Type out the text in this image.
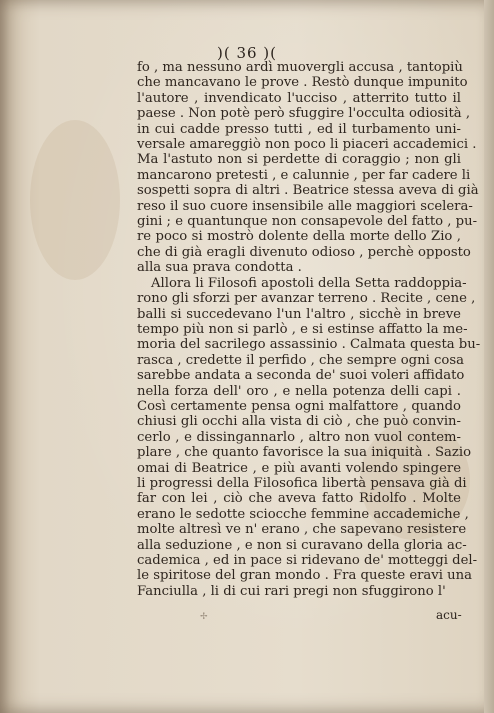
)( 36 )(
fo , ma nessuno ardì muovergli accusa , tantopiù
che mancavano le prove . Restò dunque impunito
l'autore , invendicato l'ucciso , atterrito tutto il
paese . Non potè però sfuggire l'occulta odiosità ,
in cui cadde presso tutti , ed il turbamento uni-
versale amareggiò non poco li piaceri accademici .
Ma l'astuto non si perdette di coraggio ; non gli
mancarono pretesti , e calunnie , per far cadere li
sospetti sopra di altri . Beatrice stessa aveva di già
reso il suo cuore insensibile alle maggiori scelera-
gini ; e quantunque non consapevole del fatto , pu-
re poco si mostrò dolente della morte dello Zio ,
che di già eragli divenuto odioso , perchè opposto
alla sua prava condotta .
Allora li Filosofi apostoli della Setta raddoppia-
rono gli sforzi per avanzar terreno . Recite , cene ,
balli si succedevano l'un l'altro , sicchè in breve
tempo più non si parlò , e si estinse affatto la me-
moria del sacrilego assassinio . Calmata questa bu-
rasca , credette il perfido , che sempre ogni cosa
sarebbe andata a seconda de' suoi voleri affidato
nella forza dell' oro , e nella potenza delli capi .
Così certamente pensa ogni malfattore , quando
chiusi gli occhi alla vista di ciò , che può convin-
cerlo , e dissingannarlo , altro non vuol contem-
plare , che quanto favorisce la sua iniquità . Sazio
omai di Beatrice , e più avanti volendo spingere
li progressi della Filosofica libertà pensava già di
far con lei , ciò che aveva fatto Ridolfo . Molte
erano le sedotte sciocche femmine accademiche ,
molte altresì ve n' erano , che sapevano resistere
alla seduzione , e non si curavano della gloria ac-
cademica , ed in pace si ridevano de' motteggi del-
le spiritose del gran mondo . Fra queste eravi una
Fanciulla , li di cui rari pregi non sfuggirono l'
✢	acu-
